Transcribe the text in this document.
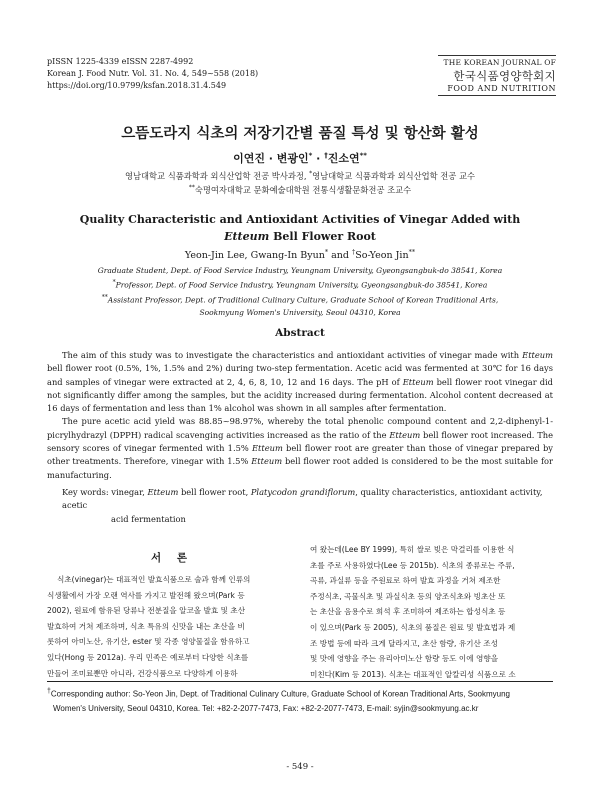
pISSN 1225-4339 eISSN 2287-4992
Korean J. Food Nutr. Vol. 31. No. 4, 549~558 (2018)
https://doi.org/10.9799/ksfan.2018.31.4.549
THE KOREAN JOURNAL OF
한국식품영양학회지
FOOD AND NUTRITION
으뜸도라지 식초의 저장기간별 품질 특성 및 항산화 활성
이연진 · 변광인* · †진소연**
영남대학교 식품과학과 외식산업학 전공 박사과정, *영남대학교 식품과학과 외식산업학 전공 교수
**숙명여자대학교 문화예술대학원 전통식생활문화전공 조교수
Quality Characteristic and Antioxidant Activities of Vinegar Added with
Etteum Bell Flower Root
Yeon-Jin Lee, Gwang-In Byun* and †So-Yeon Jin**
Graduate Student, Dept. of Food Service Industry, Yeungnam University, Gyeongsangbuk-do 38541, Korea
*Professor, Dept. of Food Service Industry, Yeungnam University, Gyeongsangbuk-do 38541, Korea
**Assistant Professor, Dept. of Traditional Culinary Culture, Graduate School of Korean Traditional Arts,
Sookmyung Women's University, Seoul 04310, Korea
Abstract

The aim of this study was to investigate the characteristics and antioxidant activities of vinegar made with Etteum bell flower root (0.5%, 1%, 1.5% and 2%) during two-step fermentation. Acetic acid was fermented at 30℃ for 16 days and samples of vinegar were extracted at 2, 4, 6, 8, 10, 12 and 16 days. The pH of Etteum bell flower root vinegar did not significantly differ among the samples, but the acidity increased during fermentation. Alcohol content decreased at 16 days of fermentation and less than 1% alcohol was shown in all samples after fermentation.

The pure acetic acid yield was 88.85~98.97%, whereby the total phenolic compound content and 2,2-diphenyl-1-picrylhydrazyl (DPPH) radical scavenging activities increased as the ratio of the Etteum bell flower root increased. The sensory scores of vinegar fermented with 1.5% Etteum bell flower root are greater than those of vinegar prepared by other treatments. Therefore, vinegar with 1.5% Etteum bell flower root added is considered to be the most suitable for manufacturing.

Key words: vinegar, Etteum bell flower root, Platycodon grandiflorum, quality characteristics, antioxidant activity, acetic
acid fermentation
서 론

식초(vinegar)는 대표적인 발효식품으로 술과 함께 인류의

식생활에서 가장 오랜 역사를 가지고 발전해 왔으며(Park 등

2002), 원료에 함유된 당류나 전분질을 알코올 발효 및 초산

발효하여 거쳐 제조하며, 식초 특유의 신맛을 내는 초산을 비

롯하여 아미노산, 유기산, ester 및 각종 영양물질을 함유하고

있다(Hong 등 2012a). 우리 민족은 예로부터 다양한 식초를

만들어 조미료뿐만 아니라, 건강식품으로 다양하게 이용하

여 왔는데(Lee BY 1999), 특히 쌀로 빚은 막걸리를 이용한 식

초를 주로 사용하였다(Lee 등 2015b). 식초의 종류로는 주류,

곡류, 과실류 등을 주원료로 하여 발효 과정을 거쳐 제조한

주정식초, 곡물식초 및 과실식초 등의 양조식초와 빙초산 또

는 초산을 음용수로 희석 후 조미하여 제조하는 합성식초 등

이 있으며(Park 등 2005), 식초의 품질은 원료 및 발효법과 제

조 방법 등에 따라 크게 달라지고, 초산 함량, 유기산 조성

및 맛에 영향을 주는 유리아미노산 함량 등도 이에 영향을

미친다(Kim 등 2013). 식초는 대표적인 알칼리성 식품으로 소

†Corresponding author: So-Yeon Jin, Dept. of Traditional Culinary Culture, Graduate School of Korean Traditional Arts, Sookmyung
Women's University, Seoul 04310, Korea. Tel: +82-2-2077-7473, Fax: +82-2-2077-7473, E-mail: syjin@sookmyung.ac.kr
- 549 -
